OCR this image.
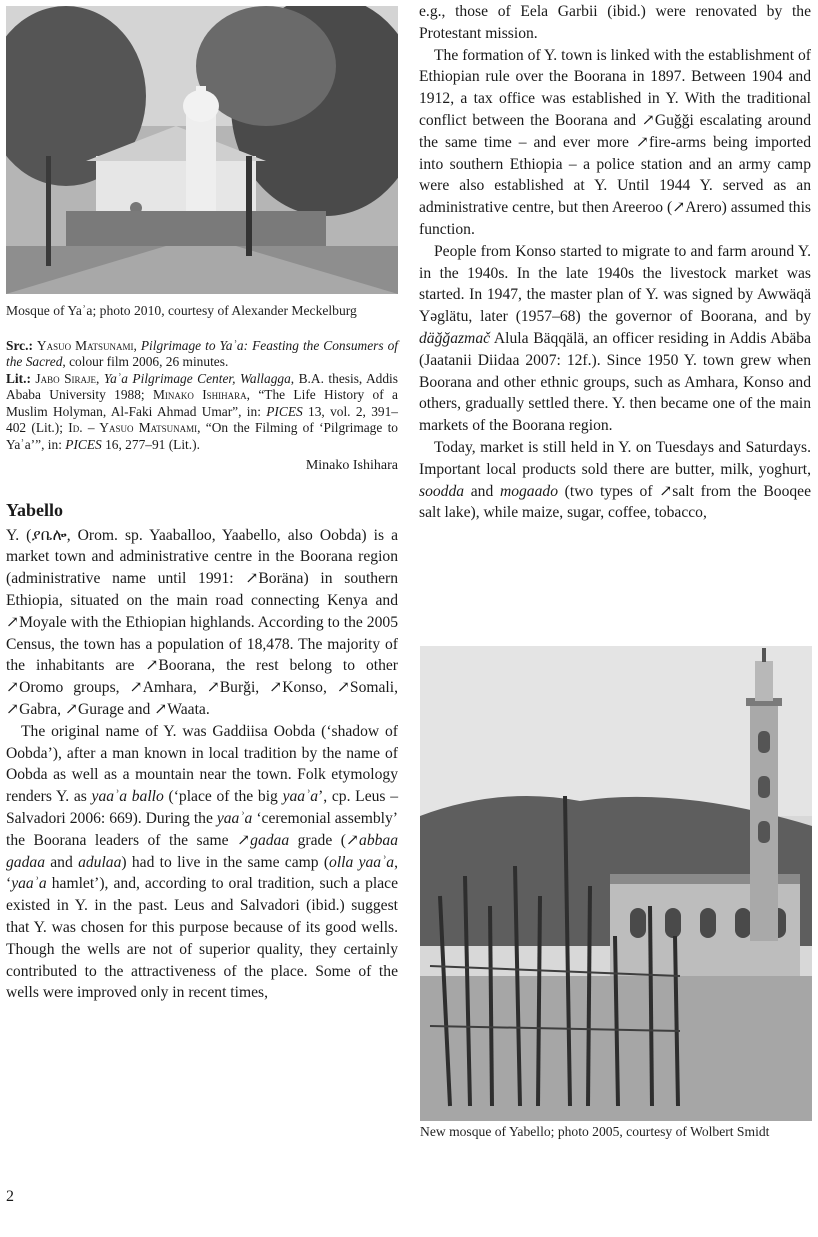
Mosque of Yaʾa; photo 2010, courtesy of Alexander Meckelburg

Src.: Yasuo Matsunami, Pilgrimage to Yaʾa: Feasting the Consumers of the Sacred, colour film 2006, 26 minutes.

Lit.: Jabo Siraje, Yaʾa Pilgrimage Center, Wallagga, B.A. thesis, Addis Ababa University 1988; Minako Ishihara, “The Life History of a Muslim Holyman, Al-Faki Ahmad Umar”, in: PICES 13, vol. 2, 391–402 (Lit.); Id. – Yasuo Matsunami, “On the Filming of ‘Pilgrimage to Yaʾa’”, in: PICES 16, 277–91 (Lit.).

Minako Ishihara

Yabello

Y. (ያቤሎ, Orom. sp. Yaaballoo, Yaabello, also Oobda) is a market town and administrative centre in the Boorana region (administrative name until 1991: ↗Boräna) in southern Ethiopia, situated on the main road connecting Kenya and ↗Moyale with the Ethiopian highlands. According to the 2005 Census, the town has a population of 18,478. The majority of the inhabitants are ↗Boorana, the rest belong to other ↗Oromo groups, ↗Amhara, ↗Burği, ↗Konso, ↗Somali, ↗Gabra, ↗Gurage and ↗Waata.

The original name of Y. was Gaddiisa Oobda (‘shadow of Oobda’), after a man known in local tradition by the name of Oobda as well as a mountain near the town. Folk etymology renders Y. as yaaʾa ballo (‘place of the big yaaʾa’, cp. Leus – Salvadori 2006: 669). During the yaaʾa ‘ceremonial assembly’ the Boorana leaders of the same ↗gadaa grade (↗abbaa gadaa and adulaa) had to live in the same camp (olla yaaʾa, ‘yaaʾa hamlet’), and, according to oral tradition, such a place existed in Y. in the past. Leus and Salvadori (ibid.) suggest that Y. was chosen for this purpose because of its good wells. Though the wells are not of superior quality, they certainly contributed to the attractiveness of the place. Some of the wells were improved only in recent times,

e.g., those of Eela Garbii (ibid.) were renovated by the Protestant mission.

The formation of Y. town is linked with the establishment of Ethiopian rule over the Boorana in 1897. Between 1904 and 1912, a tax office was established in Y. With the traditional conflict between the Boorana and ↗Guğği escalating around the same time – and ever more ↗fire-arms being imported into southern Ethiopia – a police station and an army camp were also established at Y. Until 1944 Y. served as an administrative centre, but then Areeroo (↗Arero) assumed this function.

People from Konso started to migrate to and farm around Y. in the 1940s. In the late 1940s the livestock market was started. In 1947, the master plan of Y. was signed by Awwäqä Yəglätu, later (1957–68) the governor of Boorana, and by däğğazmač Alula Bäqqälä, an officer residing in Addis Abäba (Jaatanii Diidaa 2007: 12f.). Since 1950 Y. town grew when Boorana and other ethnic groups, such as Amhara, Konso and others, gradually settled there. Y. then became one of the main markets of the Boorana region.

Today, market is still held in Y. on Tuesdays and Saturdays. Important local products sold there are butter, milk, yoghurt, soodda and mogaado (two types of ↗salt from the Booqee salt lake), while maize, sugar, coffee, tobacco,

New mosque of Yabello; photo 2005, courtesy of Wolbert Smidt

2
